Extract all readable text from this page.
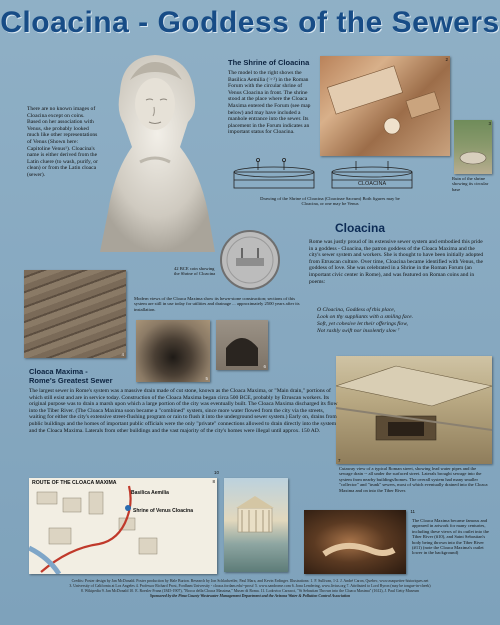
Cloacina - Goddess of the Sewers
There are no known images of Cloacina except on coins. Based on her association with Venus, she probably looked much like other representations of Venus (Shown here: Capitoline Venus¹). Cloacina's name is either derived from the Latin cluere (to wash, purify, or clean) or from the Latin cloaca (sewer).
The Shrine of Cloacina
The model to the right shows the Basilica Aemilia (☞²) in the Roman Forum with the circular shrine of Venus Cloacina in front. The shrine stood at the place where the Cloaca Maxima entered the Forum (see map below) and may have included a manhole entrance into the sewer. Its placement in the Forum indicates an important status for Cloacina.
2
3
Ruin of the shrine showing its circular base
CLOACINA
Drawing of the Shrine of Cloacina (Cloacinae Sacrum) Both figures may be Cloacina, or one may be Venus
42 BCE coin showing the Shrine of Cloacina
Cloacina
Rome was justly proud of its extensive sewer system and embodied this pride in a goddess - Cloacina, the patron goddess of the Cloaca Maxima and the city's sewer system and workers. She is thought to have been initially adopted from Etruscan culture. Over time, Cloacina became identified with Venus, the goddess of love. She was celebrated in a Shrine in the Roman Forum (an important civic center in Rome), and was featured on Roman coins and in poems:
O Cloacina, Goddess of this place,
Look on thy suppliants with a smiling face.
Soft, yet cohesive let their offerings flow,
Not rashly swift nor insolently slow ⁷
4
Modern views of the Cloaca Maxima show its hewn-stone construction; sections of this system are still in use today for utilities and drainage ... approximately 2500 years after its installation.
5
6
7
Cutaway view of a typical Roman street, showing lead water pipes and the sewage drain -- all under the surfaced street. Laterals brought sewage into the system from nearby buildings/homes. The overall system had many smaller "collector" and "trunk" sewers, most of which eventually drained into the Cloaca Maxima and on into the Tiber River.
Cloaca Maxima -
Rome's Greatest Sewer
The largest sewer in Rome's system was a massive drain made of cut stone, known as the Cloaca Maxima, or "Main drain," portions of which still exist and are in service today. Construction of the Cloaca Maxima began circa 500 BCE, probably by Etruscan workers. Its original purpose was to drain a marsh upon which a large portion of the city was eventually built. The Cloaca Maxima discharged its flow into the Tiber River. (The Cloaca Maxima soon became a "combined" system, since more water flowed from the city via the streets, waiting for either the city's extensive street-flushing program or rain to flush it into the underground sewer system.) Early on, drains from public buildings and the homes of important public officials were the only "private" connections allowed to drain directly into the system and the Cloaca Maxima. Laterals from other buildings and the vast majority of the city's homes were illegal until approx. 150 AD.
ROUTE OF THE CLOACA MAXIMA
Basilica Aemilia
Shrine of Venus Cloacina
8
10
11
The Cloaca Maxima became famous and appeared in artwork for many centuries, including these views of its outlet into the Tiber River (#10), and Saint Sebastian's body being thrown into the Tiber River (#11) (note the Cloaca Maxima's outlet lower in the background)
Credits: Poster design by Jan McDonald. Poster production by Hale Burton. Research by Jon Schladweiler, Paul Mara, and Kevin Erdinger. Illustrations: 1. F. Sullivan, 1-2. J. André Caron, Quebec, www.maquettes-historiques.net
3. University of California at Los Angeles 4. Professor Richard Prost, Fordham University - cloaca.fordam.edu/~prost/ 5. www.sandrome.com 6. Jona Lendering, www.livius.org 7. Attributed to Lord Byron (may be tongue-in-cheek)
8. Wikipedia 9. Jan McDonald 10. E. Roesler Franz (1845-1907), "Bocca della Cloaca Massima," Museo di Roma. 11. Lodovico Carracci, "St Sebastian Thrown into the Cloaca Maxima" (1612), J. Paul Getty Museum
Sponsored by the Pima County Wastewater Management Department and the Arizona Water & Pollution Control Association
